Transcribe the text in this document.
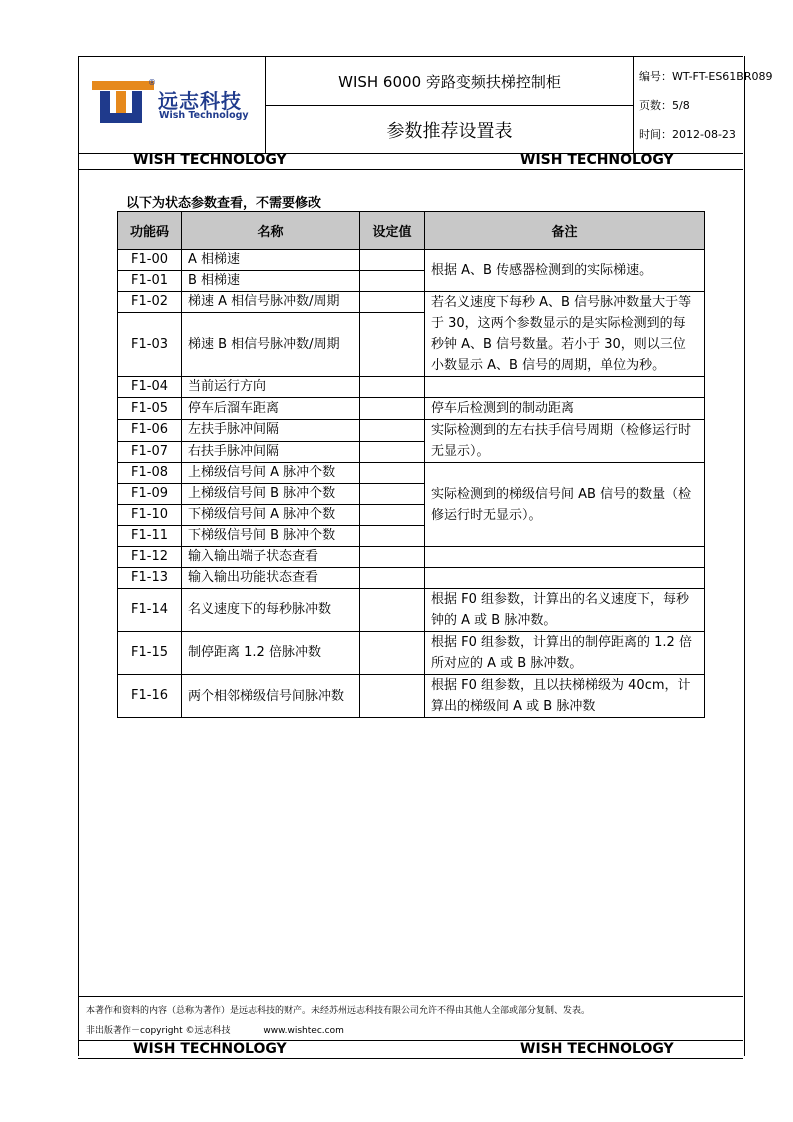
®
远志科技
Wish Technology
WISH 6000 旁路变频扶梯控制柜
参数推荐设置表
编号：WT-FT-ES61BR089
页数：5/8
时间：2012-08-23
WISH TECHNOLOGY	WISH TECHNOLOGY
以下为状态参数查看，不需要修改
功能码	名称	设定值	备注
F1-00	A 相梯速		根据 A、B 传感器检测到的实际梯速。
F1-01	B 相梯速		
F1-02	梯速 A 相信号脉冲数/周期		若名义速度下每秒 A、B 信号脉冲数量大于等于 30，这两个参数显示的是实际检测到的每秒钟 A、B 信号数量。若小于 30，则以三位小数显示 A、B 信号的周期，单位为秒。
F1-03	梯速 B 相信号脉冲数/周期		
F1-04	当前运行方向		
F1-05	停车后溜车距离		停车后检测到的制动距离
F1-06	左扶手脉冲间隔		实际检测到的左右扶手信号周期（检修运行时无显示）。
F1-07	右扶手脉冲间隔		
F1-08	上梯级信号间 A 脉冲个数		实际检测到的梯级信号间 AB 信号的数量（检修运行时无显示）。
F1-09	上梯级信号间 B 脉冲个数		
F1-10	下梯级信号间 A 脉冲个数		
F1-11	下梯级信号间 B 脉冲个数		
F1-12	输入输出端子状态查看		
F1-13	输入输出功能状态查看		
F1-14	名义速度下的每秒脉冲数		根据 F0 组参数，计算出的名义速度下，每秒钟的 A 或 B 脉冲数。
F1-15	制停距离 1.2 倍脉冲数		根据 F0 组参数，计算出的制停距离的 1.2 倍所对应的 A 或 B 脉冲数。
F1-16	两个相邻梯级信号间脉冲数		根据 F0 组参数，且以扶梯梯级为 40cm，计算出的梯级间 A 或 B 脉冲数
本著作和资料的内容（总称为著作）是远志科技的财产。未经苏州远志科技有限公司允许不得由其他人全部或部分复制、发表。
非出版著作－copyright ©远志科技	www.wishtec.com
WISH TECHNOLOGY	WISH TECHNOLOGY
